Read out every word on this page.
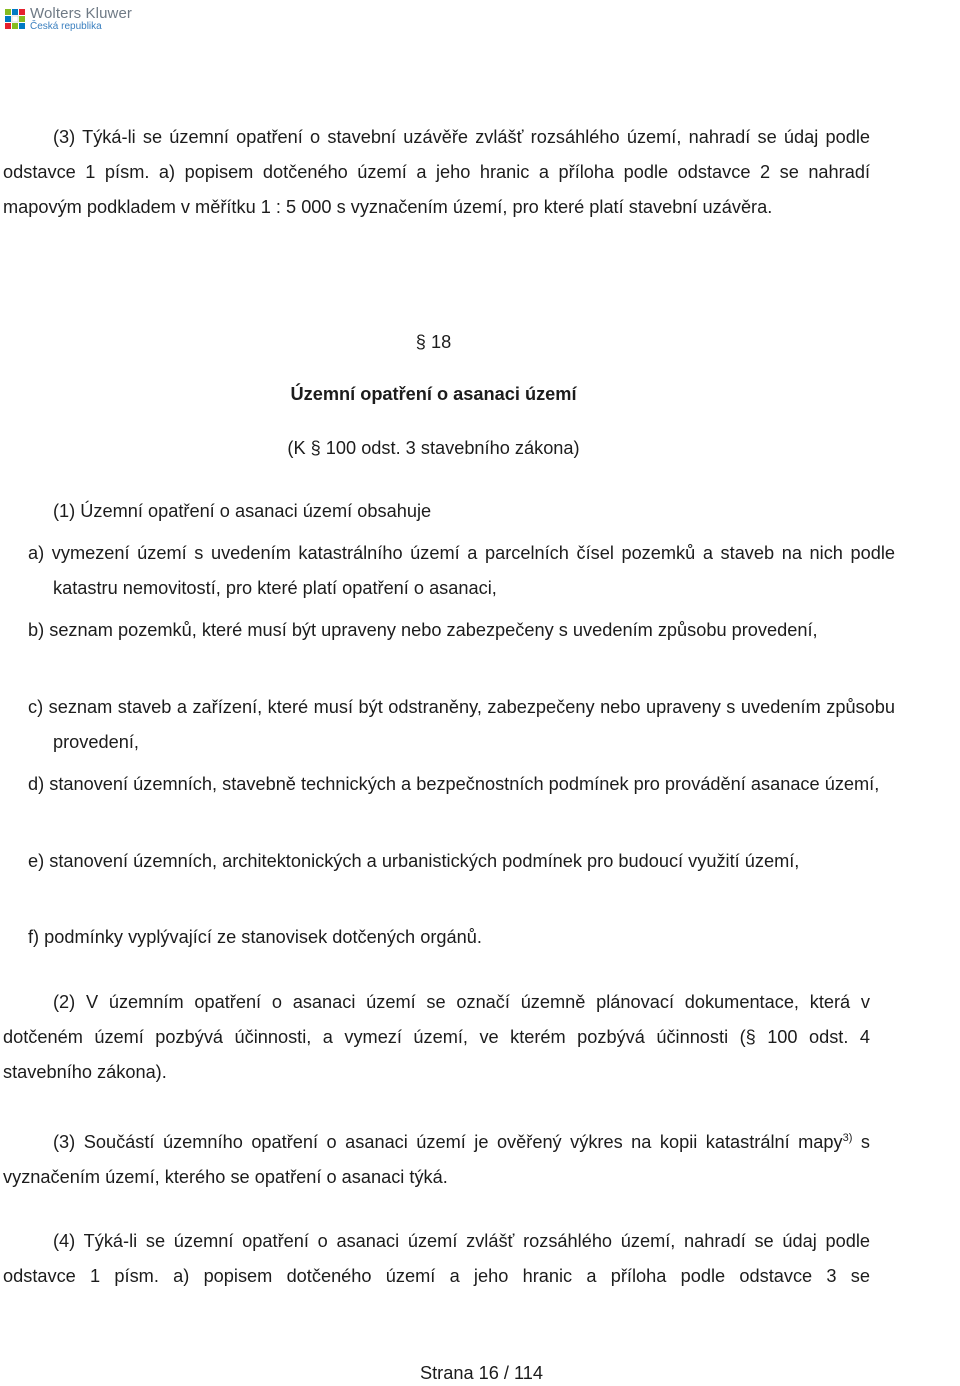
Wolters Kluwer
Česká republika

(3) Týká-li se územní opatření o stavební uzávěře zvlášť rozsáhlého území, nahradí se údaj podle odstavce 1 písm. a) popisem dotčeného území a jeho hranic a příloha podle odstavce 2 se nahradí mapovým podkladem v měřítku 1 : 5 000 s vyznačením území, pro které platí stavební uzávěra.

§ 18

Územní opatření o asanaci území

(K § 100 odst. 3 stavebního zákona)

(1) Územní opatření o asanaci území obsahuje

a) vymezení území s uvedením katastrálního území a parcelních čísel pozemků a staveb na nich podle katastru nemovitostí, pro které platí opatření o asanaci,

b) seznam pozemků, které musí být upraveny nebo zabezpečeny s uvedením způsobu provedení,

c) seznam staveb a zařízení, které musí být odstraněny, zabezpečeny nebo upraveny s uvedením způsobu provedení,

d) stanovení územních, stavebně technických a bezpečnostních podmínek pro provádění asanace území,

e) stanovení územních, architektonických a urbanistických podmínek pro budoucí využití území,

f) podmínky vyplývající ze stanovisek dotčených orgánů.

(2) V územním opatření o asanaci území se označí územně plánovací dokumentace, která v dotčeném území pozbývá účinnosti, a vymezí území, ve kterém pozbývá účinnosti (§ 100 odst. 4 stavebního zákona).

(3) Součástí územního opatření o asanaci území je ověřený výkres na kopii katastrální mapy$^{3)}$ s vyznačením území, kterého se opatření o asanaci týká.

(4) Týká-li se územní opatření o asanaci území zvlášť rozsáhlého území, nahradí se údaj podle odstavce 1 písm. a) popisem dotčeného území a jeho hranic a příloha podle odstavce 3 se

Strana 16 / 114
